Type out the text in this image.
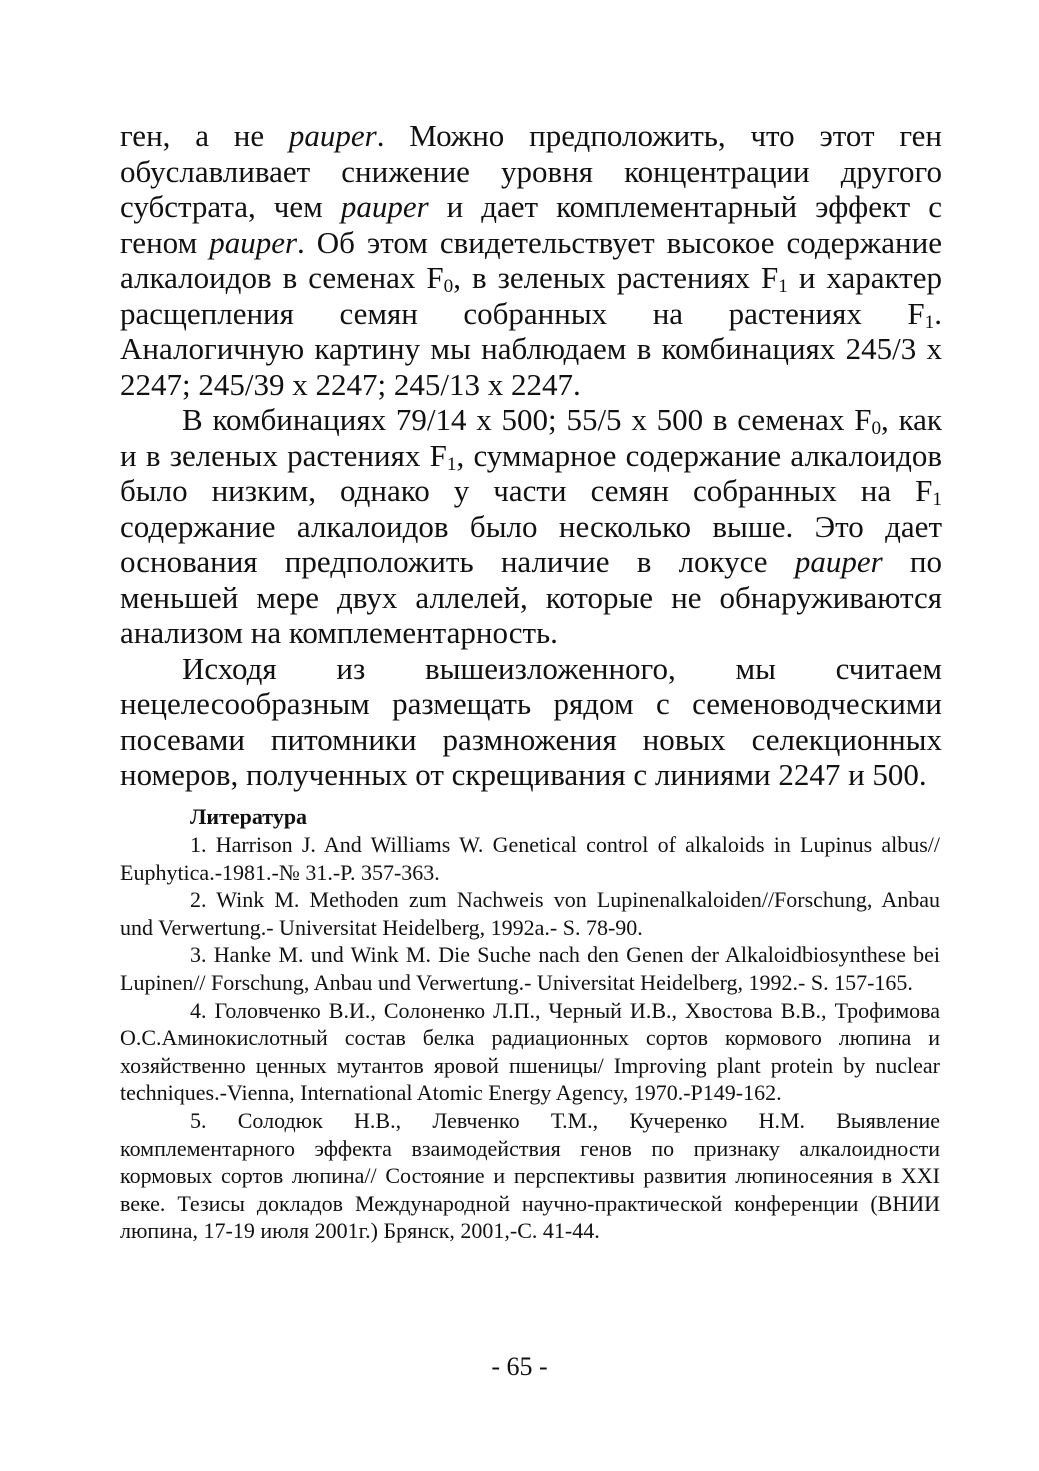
ген, а не pauper. Можно предположить, что этот ген обуславливает снижение уровня концентрации другого субстрата, чем pauper и дает комплементарный эффект с геном pauper. Об этом свидетельствует высокое содержание алкалоидов в семенах $F_0$, в зеленых растениях $F_1$ и характер расщепления семян собранных на растениях $F_1$. Аналогичную картину мы наблюдаем в комбинациях 245/3 х 2247; 245/39 х 2247; 245/13 х 2247.

В комбинациях 79/14 х 500; 55/5 х 500 в семенах $F_0$, как и в зеленых растениях $F_1$, суммарное содержание алкалоидов было низким, однако у части семян собранных на $F_1$ содержание алкалоидов было несколько выше. Это дает основания предположить наличие в локусе pauper по меньшей мере двух аллелей, которые не обнаруживаются анализом на комплементарность.

Исходя из вышеизложенного, мы считаем нецелесообразным размещать рядом с семеноводческими посевами питомники размножения новых селекционных номеров, полученных от скрещивания с линиями 2247 и 500.

Литература

1. Harrison J. And Williams W. Genetical control of alkaloids in Lupinus albus// Euphytica.-1981.-№ 31.-P. 357-363.

2. Wink M. Methoden zum Nachweis von Lupinenalkaloiden//Forschung, Anbau und Verwertung.- Universitat Heidelberg, 1992a.- S. 78-90.

3. Hanke M. und Wink M. Die Suche nach den Genen der Alkaloidbiosynthese bei Lupinen// Forschung, Anbau und Verwertung.- Universitat Heidelberg, 1992.- S. 157-165.

4. Головченко В.И., Солоненко Л.П., Черный И.В., Хвостова В.В., Трофимова О.С.Аминокислотный состав белка радиационных сортов кормового люпина и хозяйственно ценных мутантов яровой пшеницы/ Improving plant protein by nuclear techniques.-Vienna, International Atomic Energy Agency, 1970.-P149-162.

5. Солодюк Н.В., Левченко Т.М., Кучеренко Н.М. Выявление комплементарного эффекта взаимодействия генов по признаку алкалоидности кормовых сортов люпина// Состояние и перспективы развития люпиносеяния в XXI веке. Тезисы докладов Международной научно-практической конференции (ВНИИ люпина, 17-19 июля 2001г.) Брянск, 2001,-С. 41-44.

- 65 -
